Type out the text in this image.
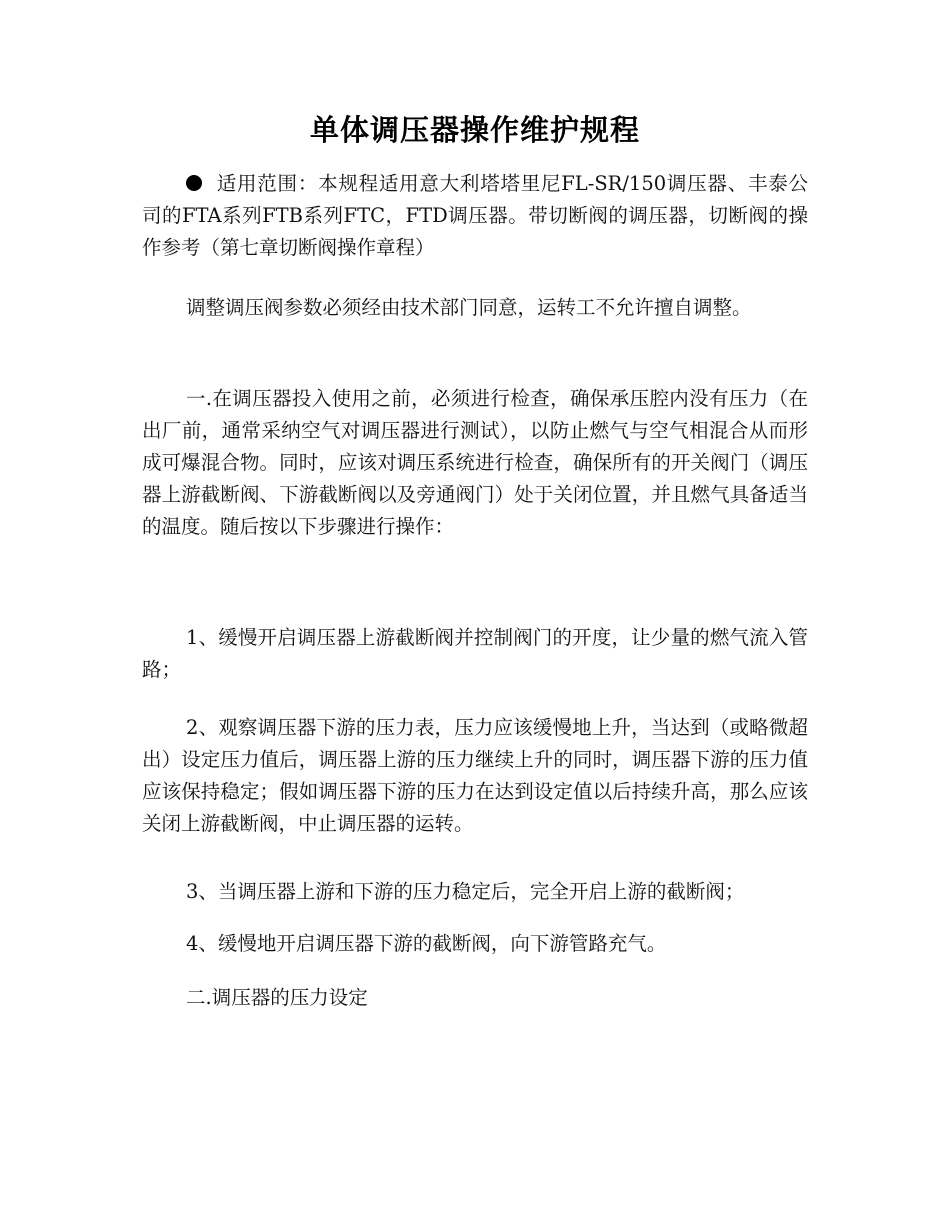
单体调压器操作维护规程

适用范围：本规程适用意大利塔塔里尼FL-SR/150调压器、丰泰公司的FTA系列FTB系列FTC，FTD调压器。带切断阀的调压器，切断阀的操作参考（第七章切断阀操作章程）

调整调压阀参数必须经由技术部门同意，运转工不允许擅自调整。

一.在调压器投入使用之前，必须进行检查，确保承压腔内没有压力（在出厂前，通常采纳空气对调压器进行测试），以防止燃气与空气相混合从而形成可爆混合物。同时，应该对调压系统进行检查，确保所有的开关阀门（调压器上游截断阀、下游截断阀以及旁通阀门）处于关闭位置，并且燃气具备适当的温度。随后按以下步骤进行操作：

1、缓慢开启调压器上游截断阀并控制阀门的开度，让少量的燃气流入管路；

2、观察调压器下游的压力表，压力应该缓慢地上升，当达到（或略微超出）设定压力值后，调压器上游的压力继续上升的同时，调压器下游的压力值应该保持稳定；假如调压器下游的压力在达到设定值以后持续升高，那么应该关闭上游截断阀，中止调压器的运转。

3、当调压器上游和下游的压力稳定后，完全开启上游的截断阀；

4、缓慢地开启调压器下游的截断阀，向下游管路充气。

二.调压器的压力设定
